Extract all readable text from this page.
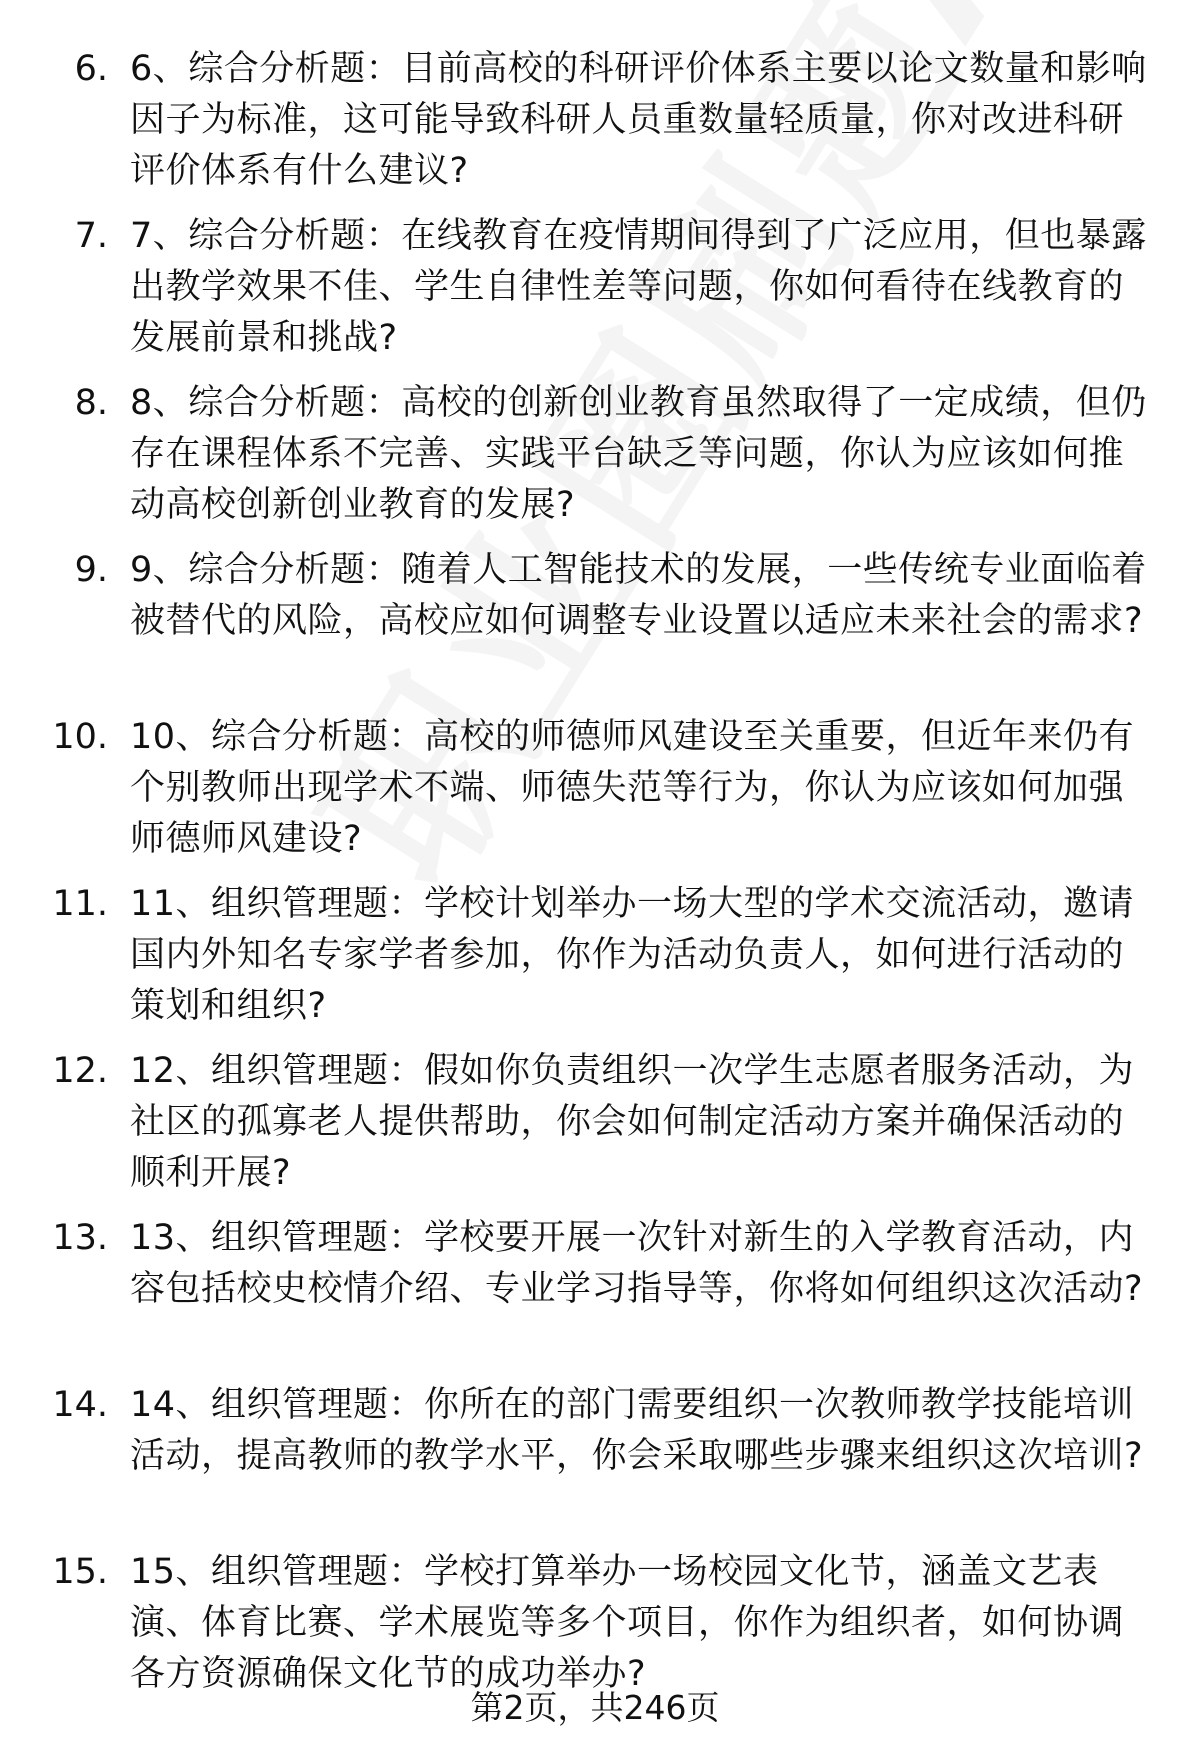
6. 6、综合分析题：目前高校的科研评价体系主要以论文数量和影响因子为标准，这可能导致科研人员重数量轻质量，你对改进科研评价体系有什么建议?
7. 7、综合分析题：在线教育在疫情期间得到了广泛应用，但也暴露出教学效果不佳、学生自律性差等问题，你如何看待在线教育的发展前景和挑战?
8. 8、综合分析题：高校的创新创业教育虽然取得了一定成绩，但仍存在课程体系不完善、实践平台缺乏等问题，你认为应该如何推动高校创新创业教育的发展?
9. 9、综合分析题：随着人工智能技术的发展，一些传统专业面临着被替代的风险，高校应如何调整专业设置以适应未来社会的需求?
10. 10、综合分析题：高校的师德师风建设至关重要，但近年来仍有个别教师出现学术不端、师德失范等行为，你认为应该如何加强师德师风建设?
11. 11、组织管理题：学校计划举办一场大型的学术交流活动，邀请国内外知名专家学者参加，你作为活动负责人，如何进行活动的策划和组织?
12. 12、组织管理题：假如你负责组织一次学生志愿者服务活动，为社区的孤寡老人提供帮助，你会如何制定活动方案并确保活动的顺利开展?
13. 13、组织管理题：学校要开展一次针对新生的入学教育活动，内容包括校史校情介绍、专业学习指导等，你将如何组织这次活动?
14. 14、组织管理题：你所在的部门需要组织一次教师教学技能培训活动，提高教师的教学水平，你会采取哪些步骤来组织这次培训?
15. 15、组织管理题：学校打算举办一场校园文化节，涵盖文艺表演、体育比赛、学术展览等多个项目，你作为组织者，如何协调各方资源确保文化节的成功举办?
第2页，共246页
